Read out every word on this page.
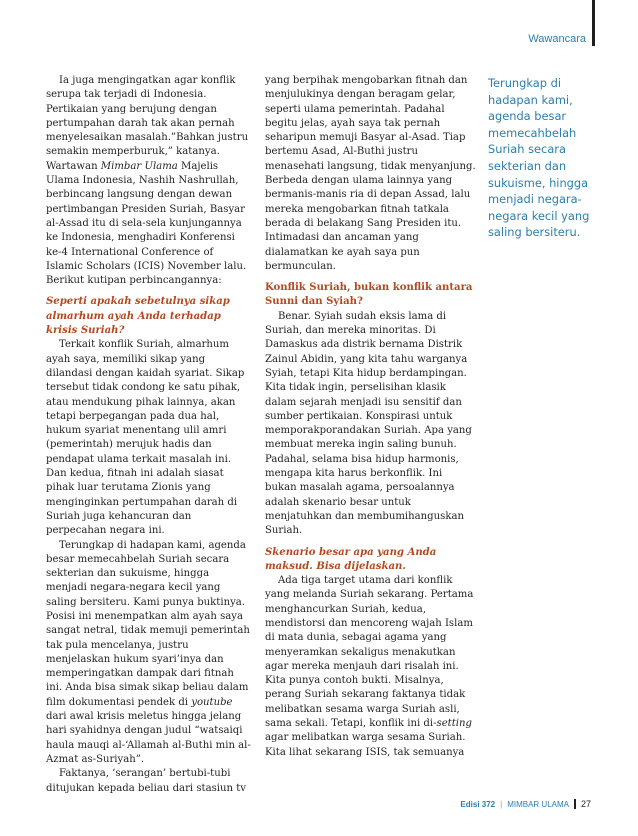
Wawancara

Ia juga mengingatkan agar konflik serupa tak terjadi di Indonesia. Pertikaian yang berujung dengan pertumpahan darah tak akan pernah menyelesaikan masalah.”Bahkan justru semakin memperburuk,” katanya. Wartawan Mimbar Ulama Majelis Ulama Indonesia, Nashih Nashrullah, berbincang langsung dengan dewan pertimbangan Presiden Suriah, Basyar al-Assad itu di sela-sela kunjungannya ke Indonesia, menghadiri Konferensi ke-4 International Conference of Islamic Scholars (ICIS) November lalu. Berikut kutipan perbincangannya:

Seperti apakah sebetulnya sikap almarhum ayah Anda terhadap krisis Suriah?

Terkait konflik Suriah, almarhum ayah saya, memiliki sikap yang dilandasi dengan kaidah syariat. Sikap tersebut tidak condong ke satu pihak, atau mendukung pihak lainnya, akan tetapi berpegangan pada dua hal, hukum syariat menentang ulil amri (pemerintah) merujuk hadis dan pendapat ulama terkait masalah ini. Dan kedua, fitnah ini adalah siasat pihak luar terutama Zionis yang menginginkan pertumpahan darah di Suriah juga kehancuran dan perpecahan negara ini.

Terungkap di hadapan kami, agenda besar memecahbelah Suriah secara sekterian dan sukuisme, hingga menjadi negara-negara kecil yang saling bersiteru. Kami punya buktinya. Posisi ini menempatkan alm ayah saya sangat netral, tidak memuji pemerintah tak pula mencelanya, justru menjelaskan hukum syari’inya dan memperingatkan dampak dari fitnah ini. Anda bisa simak sikap beliau dalam film dokumentasi pendek di youtube dari awal krisis meletus hingga jelang hari syahidnya dengan judul “watsaiqi haula mauqi al-‘Allamah al-Buthi min al-Azmat as-Suriyah”.

Faktanya, ‘serangan’ bertubi-tubi ditujukan kepada beliau dari stasiun tv

yang berpihak mengobarkan fitnah dan menjulukinya dengan beragam gelar, seperti ulama pemerintah. Padahal begitu jelas, ayah saya tak pernah seharipun memuji Basyar al-Asad. Tiap bertemu Asad, Al-Buthi justru menasehati langsung, tidak menyanjung. Berbeda dengan ulama lainnya yang bermanis-manis ria di depan Assad, lalu mereka mengobarkan fitnah tatkala berada di belakang Sang Presiden itu. Intimadasi dan ancaman yang dialamatkan ke ayah saya pun bermunculan.

Konflik Suriah, bukan konflik antara Sunni dan Syiah?

Benar. Syiah sudah eksis lama di Suriah, dan mereka minoritas. Di Damaskus ada distrik bernama Distrik Zainul Abidin, yang kita tahu warganya Syiah, tetapi Kita hidup berdampingan. Kita tidak ingin, perselisihan klasik dalam sejarah menjadi isu sensitif dan sumber pertikaian. Konspirasi untuk memporakporandakan Suriah. Apa yang membuat mereka ingin saling bunuh. Padahal, selama bisa hidup harmonis, mengapa kita harus berkonflik. Ini bukan masalah agama, persoalannya adalah skenario besar untuk menjatuhkan dan membumihanguskan Suriah.

Skenario besar apa yang Anda maksud. Bisa dijelaskan.

Ada tiga target utama dari konflik yang melanda Suriah sekarang. Pertama menghancurkan Suriah, kedua, mendistorsi dan mencoreng wajah Islam di mata dunia, sebagai agama yang menyeramkan sekaligus menakutkan agar mereka menjauh dari risalah ini. Kita punya contoh bukti. Misalnya, perang Suriah sekarang faktanya tidak melibatkan sesama warga Suriah asli, sama sekali. Tetapi, konflik ini di-setting agar melibatkan warga sesama Suriah. Kita lihat sekarang ISIS, tak semuanya

Terungkap di hadapan kami, agenda besar memecahbelah Suriah secara sekterian dan sukuisme, hingga menjadi negara-negara kecil yang saling bersiteru.
Edisi 372 | MIMBAR ULAMA 27
